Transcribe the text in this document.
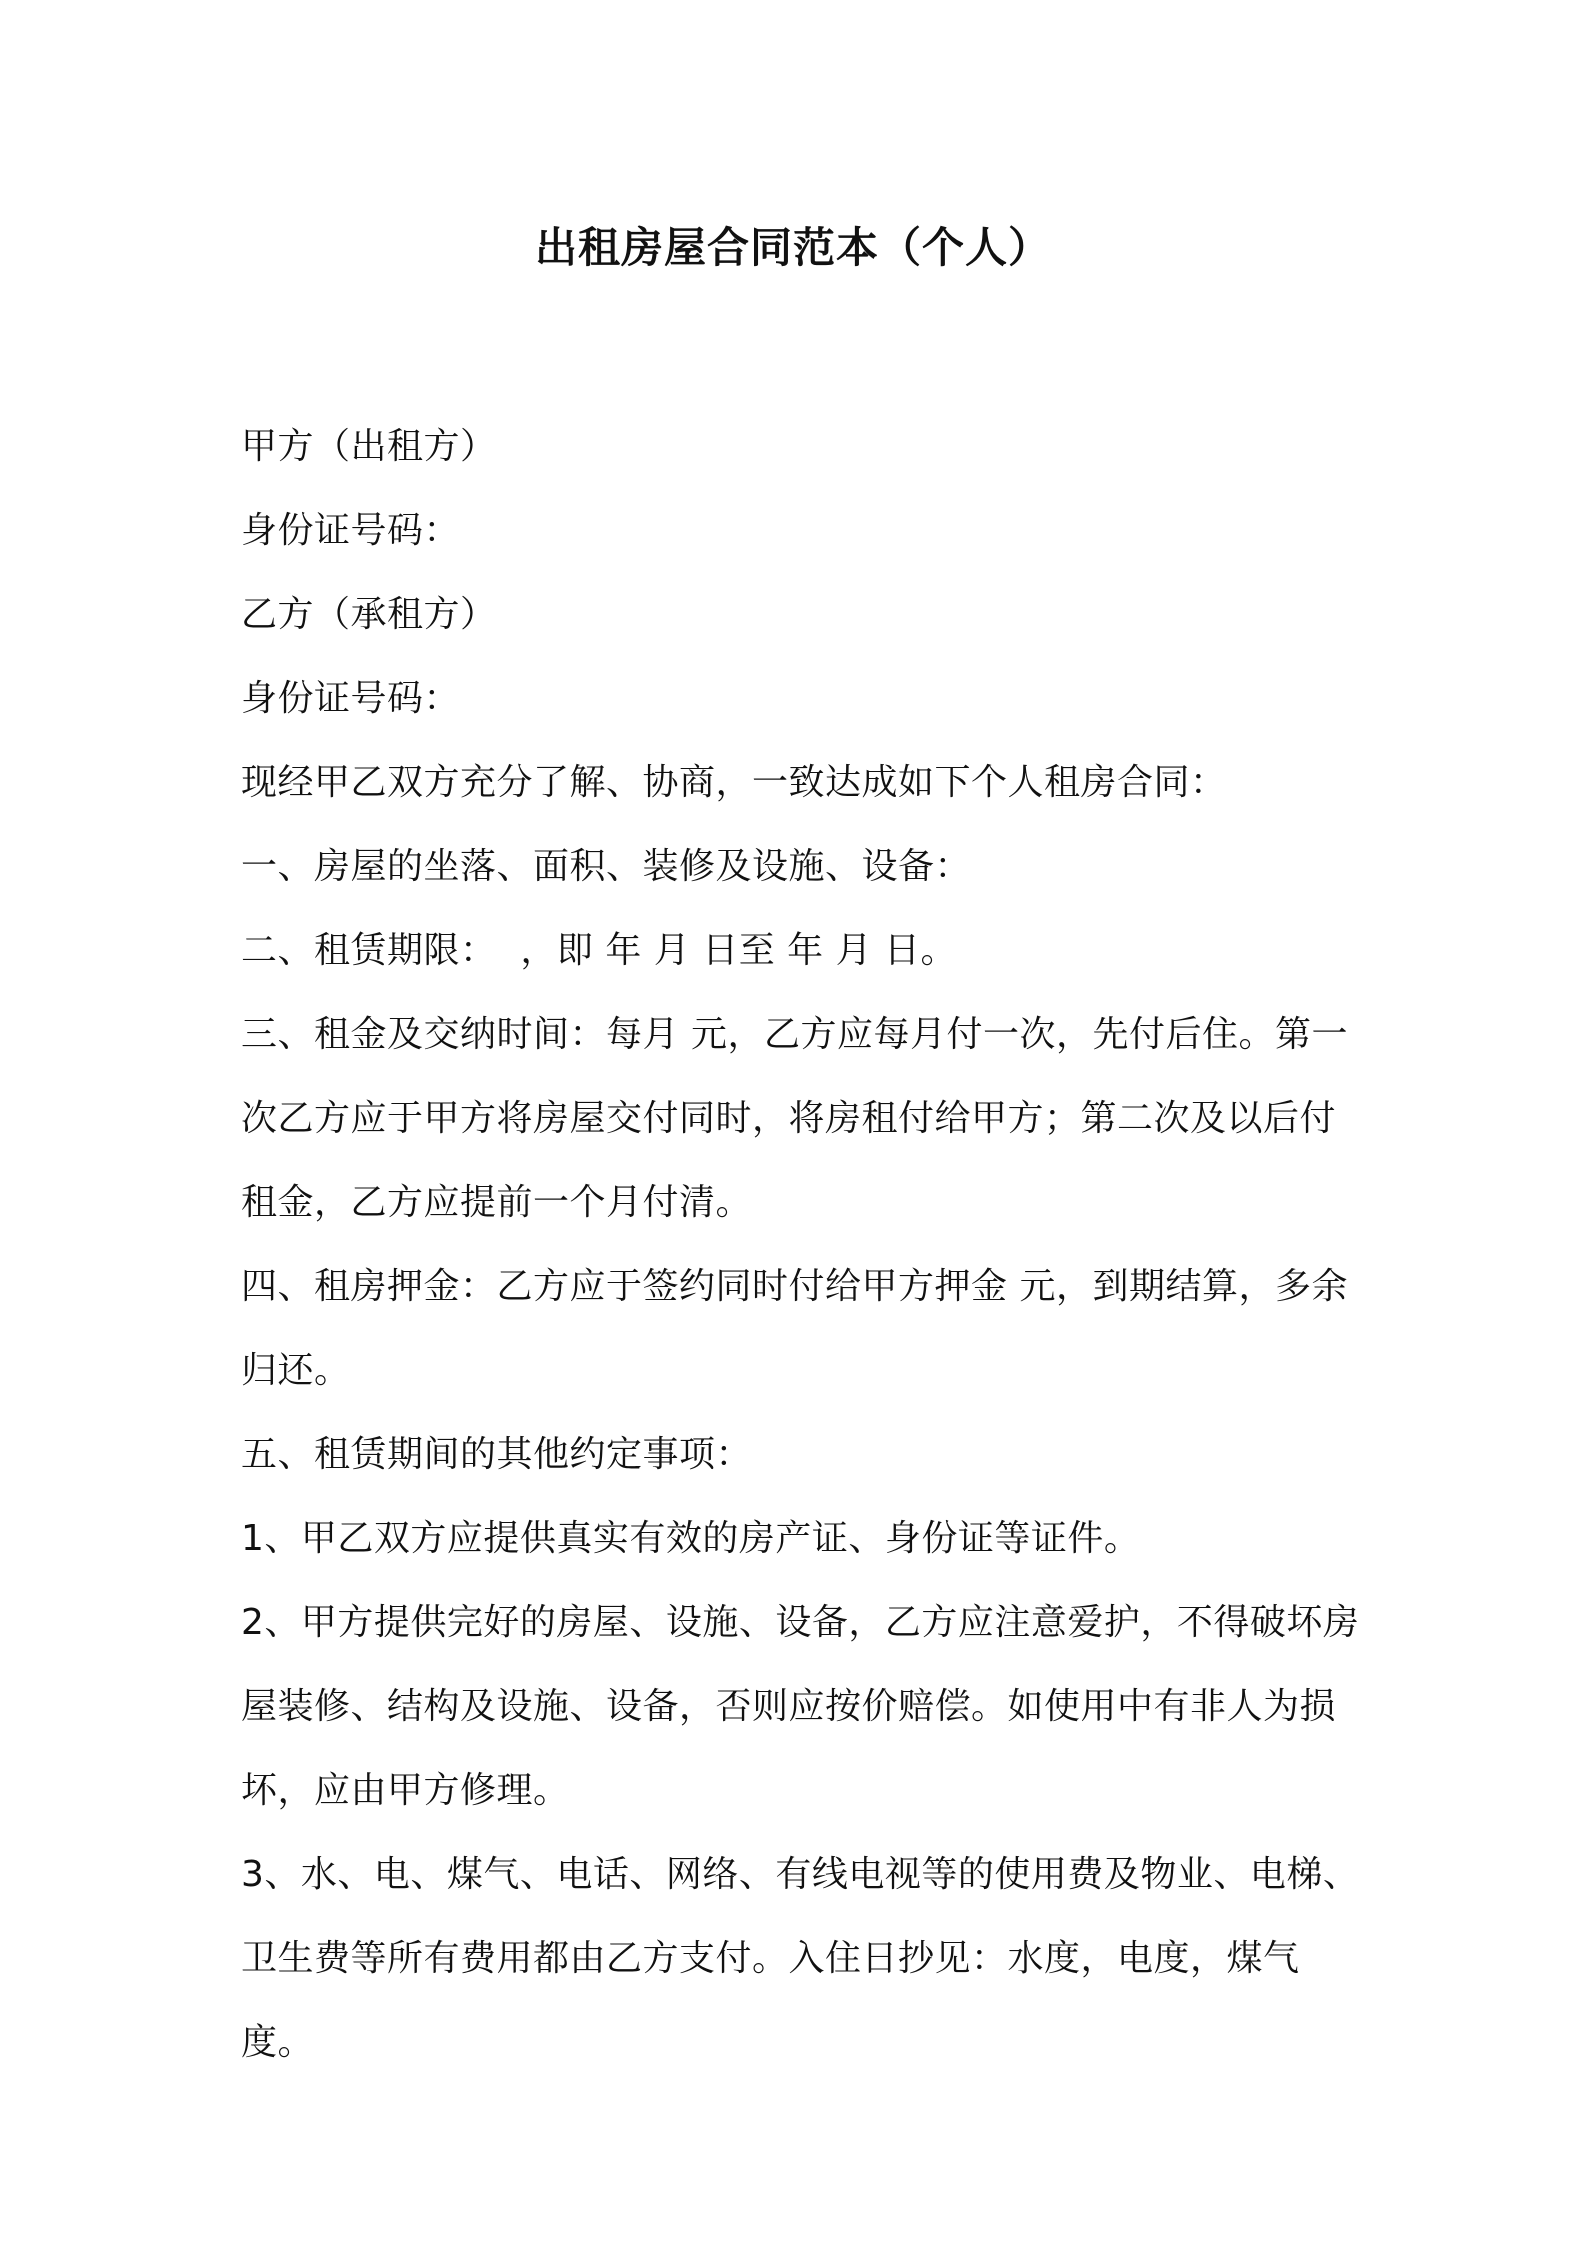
出租房屋合同范本（个人）

甲方（出租方）

身份证号码：

乙方（承租方）

身份证号码：

现经甲乙双方充分了解、协商，一致达成如下个人租房合同：

一、房屋的坐落、面积、装修及设施、设备：

二、租赁期限：  ，即 年 月 日至 年 月 日。

三、租金及交纳时间：每月 元，乙方应每月付一次，先付后住。第一次乙方应于甲方将房屋交付同时，将房租付给甲方；第二次及以后付租金，乙方应提前一个月付清。

四、租房押金：乙方应于签约同时付给甲方押金 元，到期结算，多余归还。

五、租赁期间的其他约定事项：

1、甲乙双方应提供真实有效的房产证、身份证等证件。

2、甲方提供完好的房屋、设施、设备，乙方应注意爱护，不得破坏房屋装修、结构及设施、设备，否则应按价赔偿。如使用中有非人为损坏，应由甲方修理。

3、水、电、煤气、电话、网络、有线电视等的使用费及物业、电梯、卫生费等所有费用都由乙方支付。入住日抄见：水度，电度，煤气度。
